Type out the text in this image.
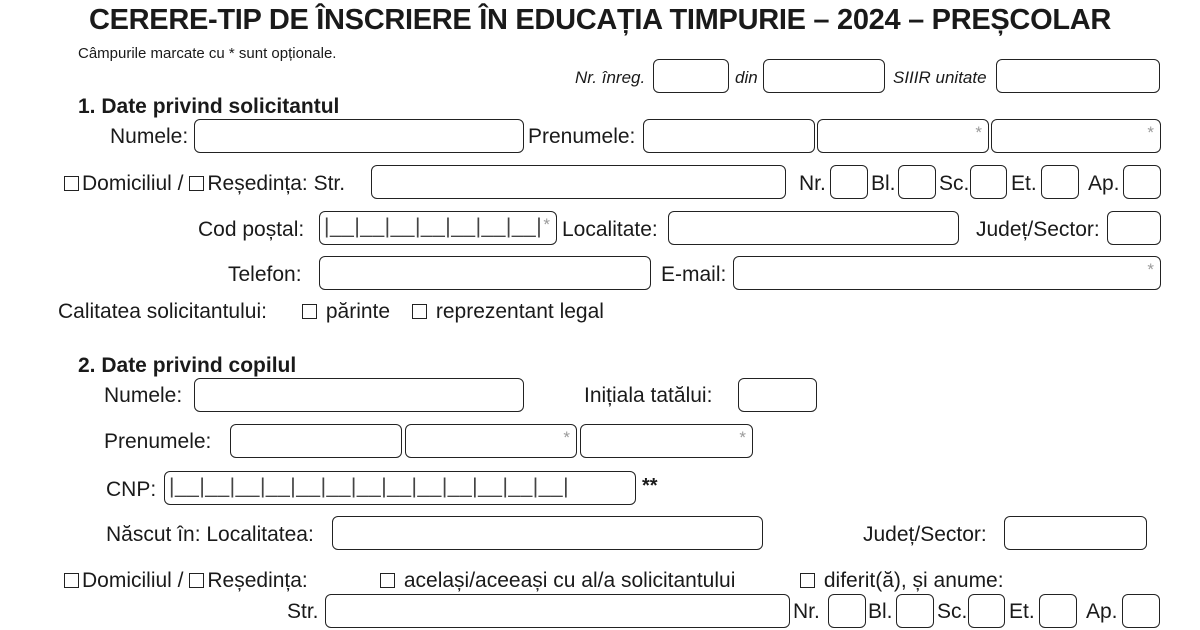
CERERE-TIP DE ÎNSCRIERE ÎN EDUCAȚIA TIMPURIE – 2024 – PREȘCOLAR
Câmpurile marcate cu * sunt opționale.
Nr. înreg.	din	SIIIR unitate
1. Date privind solicitantul
Numele:	Prenumele:	*	*
Domiciliul / Reședința: Str.	Nr. Bl. Sc. Et. Ap.
Cod poștal: |__|__|__|__|__|__|__| * Localitate:	Județ/Sector:
Telefon:	E-mail:	*
Calitatea solicitantului:	părinte	reprezentant legal
2. Date privind copilul
Numele:	Inițiala tatălui:
Prenumele:	*	*
CNP: |__|__|__|__|__|__|__|__|__|__|__|__|__|	**
Născut în: Localitatea:	Județ/Sector:
Domiciliul / Reședința:	același/aceeași cu al/a solicitantului	diferit(ă), și anume:
Str.	Nr. Bl. Sc. Et. Ap.
